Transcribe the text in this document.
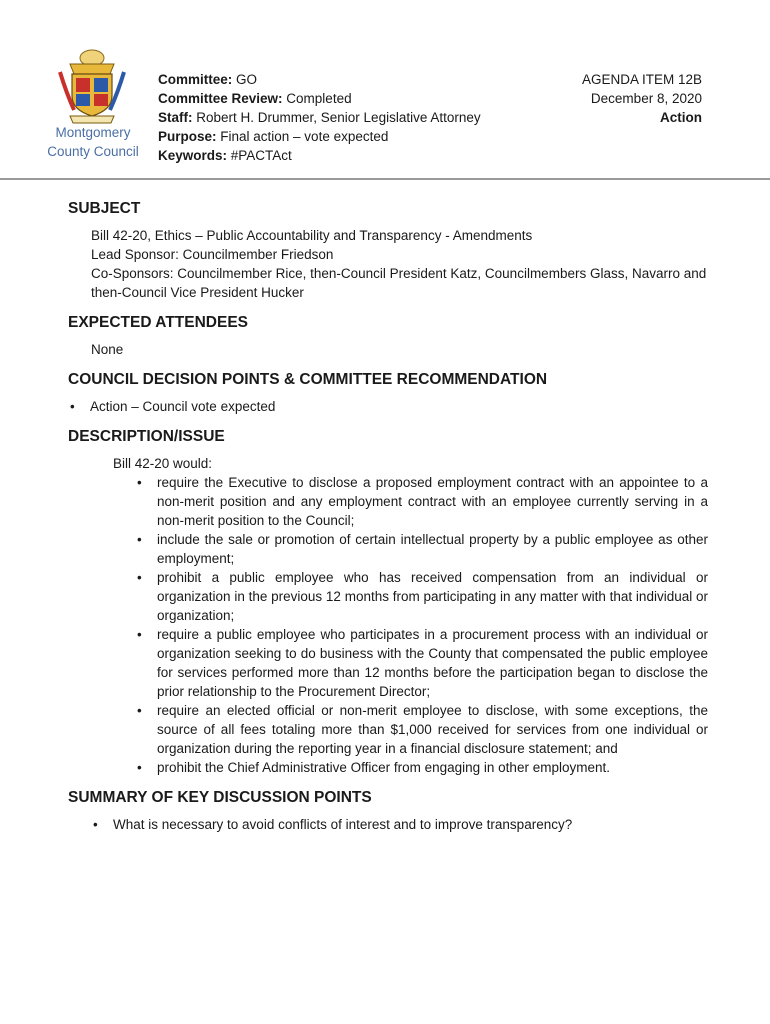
Montgomery
County Council
Committee: GO
Committee Review: Completed
Staff: Robert H. Drummer, Senior Legislative Attorney
Purpose: Final action – vote expected
Keywords: #PACTAct
AGENDA ITEM 12B
December 8, 2020
Action
SUBJECT
Bill 42-20, Ethics – Public Accountability and Transparency - Amendments
Lead Sponsor: Councilmember Friedson
Co-Sponsors: Councilmember Rice, then-Council President Katz, Councilmembers Glass, Navarro and then-Council Vice President Hucker
EXPECTED ATTENDEES
None
COUNCIL DECISION POINTS & COMMITTEE RECOMMENDATION
• Action – Council vote expected
DESCRIPTION/ISSUE
Bill 42-20 would:
• require the Executive to disclose a proposed employment contract with an appointee to a non-merit position and any employment contract with an employee currently serving in a non-merit position to the Council;
• include the sale or promotion of certain intellectual property by a public employee as other employment;
• prohibit a public employee who has received compensation from an individual or organization in the previous 12 months from participating in any matter with that individual or organization;
• require a public employee who participates in a procurement process with an individual or organization seeking to do business with the County that compensated the public employee for services performed more than 12 months before the participation began to disclose the prior relationship to the Procurement Director;
• require an elected official or non-merit employee to disclose, with some exceptions, the source of all fees totaling more than $1,000 received for services from one individual or organization during the reporting year in a financial disclosure statement; and
• prohibit the Chief Administrative Officer from engaging in other employment.
SUMMARY OF KEY DISCUSSION POINTS
• What is necessary to avoid conflicts of interest and to improve transparency?
